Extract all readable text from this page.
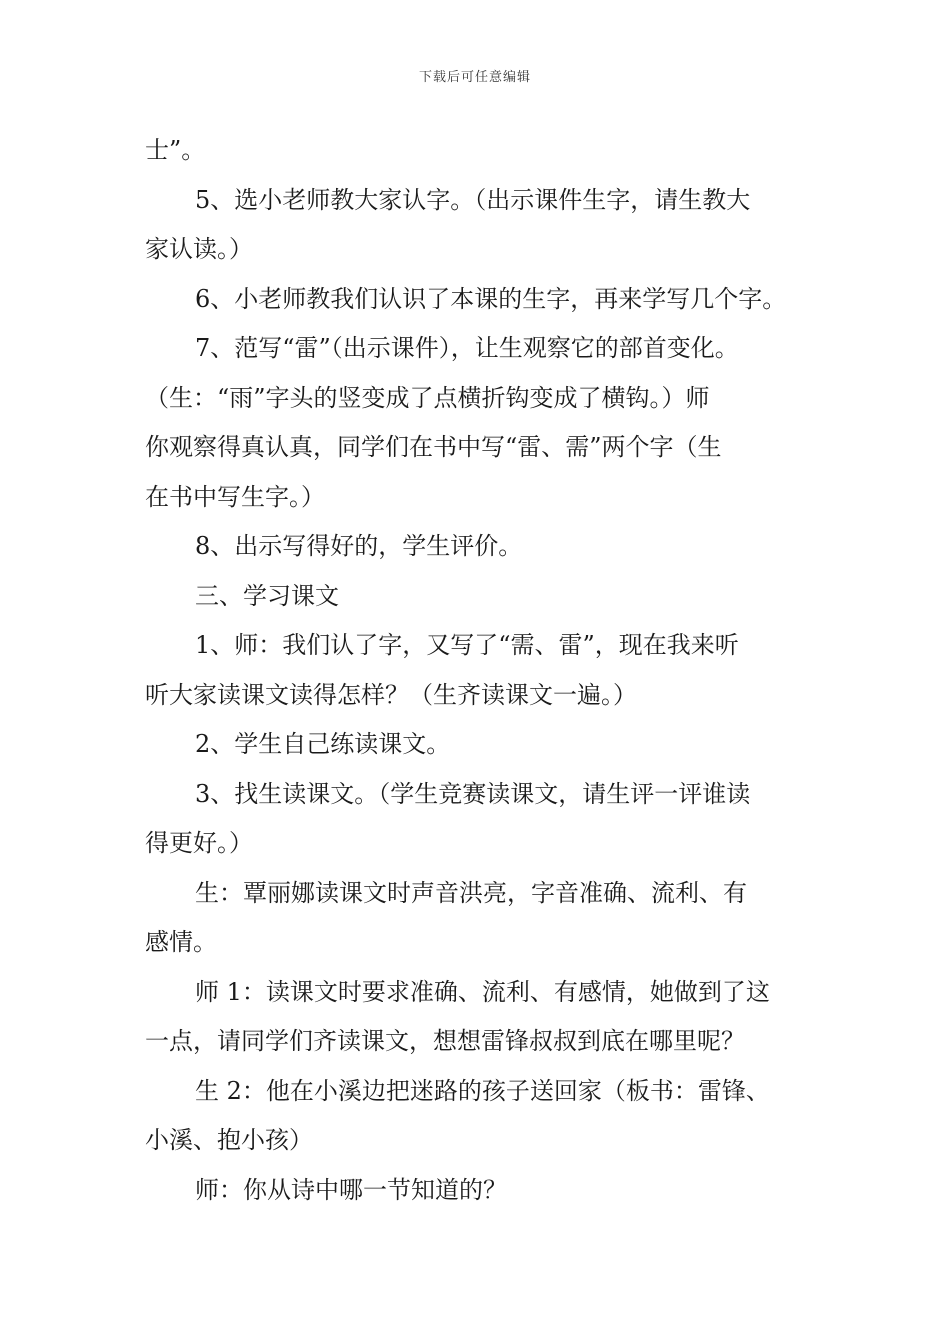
下载后可任意编辑
士”。
5、选小老师教大家认字。（出示课件生字，请生教大
家认读。）
6、小老师教我们认识了本课的生字，再来学写几个字。
7、范写“雷”（出示课件），让生观察它的部首变化。
（生：“雨”字头的竖变成了点横折钩变成了横钩。）师
你观察得真认真，同学们在书中写“雷、需”两个字（生
在书中写生字。）
8、出示写得好的，学生评价。
三、学习课文
1、师：我们认了字，又写了“需、雷”，现在我来听
听大家读课文读得怎样？（生齐读课文一遍。）
2、学生自己练读课文。
3、找生读课文。（学生竞赛读课文，请生评一评谁读
得更好。）
生：覃丽娜读课文时声音洪亮，字音准确、流利、有
感情。
师 1：读课文时要求准确、流利、有感情，她做到了这
一点，请同学们齐读课文，想想雷锋叔叔到底在哪里呢？
生 2：他在小溪边把迷路的孩子送回家（板书：雷锋、
小溪、抱小孩）
师：你从诗中哪一节知道的？
